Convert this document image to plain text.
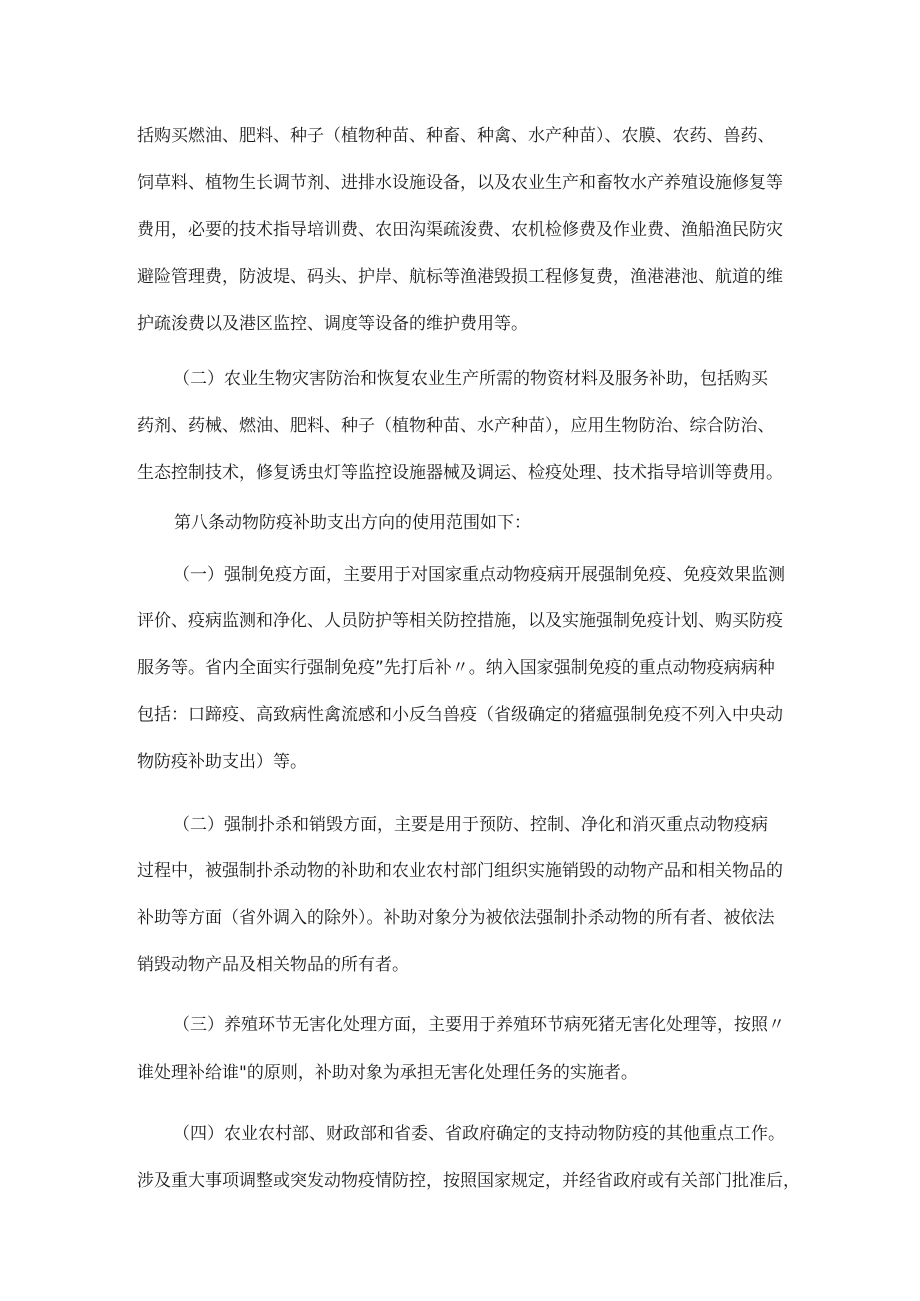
括购买燃油、肥料、种子（植物种苗、种畜、种禽、水产种苗）、农膜、农药、兽药、
饲草料、植物生长调节剂、进排水设施设备，以及农业生产和畜牧水产养殖设施修复等
费用，必要的技术指导培训费、农田沟渠疏浚费、农机检修费及作业费、渔船渔民防灾
避险管理费，防波堤、码头、护岸、航标等渔港毁损工程修复费，渔港港池、航道的维
护疏浚费以及港区监控、调度等设备的维护费用等。
（二）农业生物灾害防治和恢复农业生产所需的物资材料及服务补助，包括购买
药剂、药械、燃油、肥料、种子（植物种苗、水产种苗），应用生物防治、综合防治、
生态控制技术，修复诱虫灯等监控设施器械及调运、检疫处理、技术指导培训等费用。
第八条动物防疫补助支出方向的使用范围如下：
（一）强制免疫方面，主要用于对国家重点动物疫病开展强制免疫、免疫效果监测
评价、疫病监测和净化、人员防护等相关防控措施，以及实施强制免疫计划、购买防疫
服务等。省内全面实行强制免疫”先打后补〃。纳入国家强制免疫的重点动物疫病病种
包括：口蹄疫、高致病性禽流感和小反刍兽疫（省级确定的猪瘟强制免疫不列入中央动
物防疫补助支出）等。
（二）强制扑杀和销毁方面，主要是用于预防、控制、净化和消灭重点动物疫病
过程中，被强制扑杀动物的补助和农业农村部门组织实施销毁的动物产品和相关物品的
补助等方面（省外调入的除外）。补助对象分为被依法强制扑杀动物的所有者、被依法
销毁动物产品及相关物品的所有者。
（三）养殖环节无害化处理方面，主要用于养殖环节病死猪无害化处理等，按照〃
谁处理补给谁"的原则，补助对象为承担无害化处理任务的实施者。
（四）农业农村部、财政部和省委、省政府确定的支持动物防疫的其他重点工作。
涉及重大事项调整或突发动物疫情防控，按照国家规定，并经省政府或有关部门批准后，
